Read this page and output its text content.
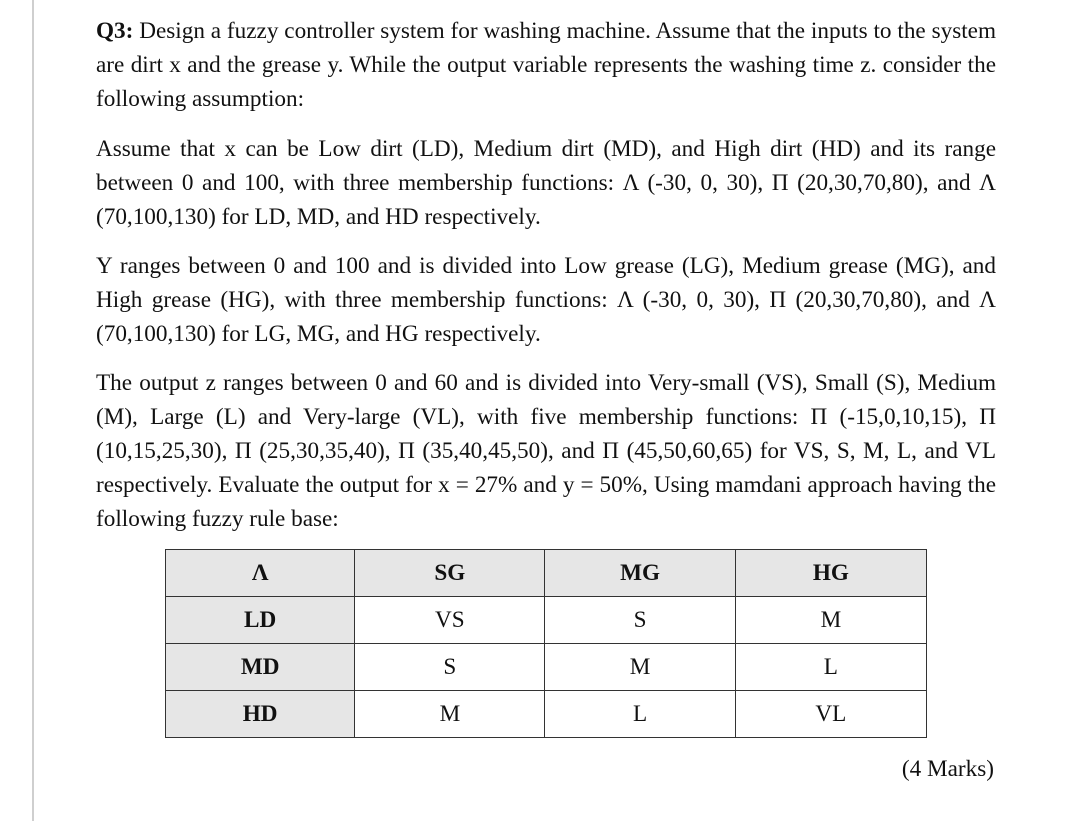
Q3: Design a fuzzy controller system for washing machine. Assume that the inputs to the system are dirt x and the grease y. While the output variable represents the washing time z. consider the following assumption:

Assume that x can be Low dirt (LD), Medium dirt (MD), and High dirt (HD) and its range between 0 and 100, with three membership functions: Λ (-30, 0, 30), Π (20,30,70,80), and Λ (70,100,130) for LD, MD, and HD respectively.

Y ranges between 0 and 100 and is divided into Low grease (LG), Medium grease (MG), and High grease (HG), with three membership functions: Λ (-30, 0, 30), Π (20,30,70,80), and Λ (70,100,130) for LG, MG, and HG respectively.

The output z ranges between 0 and 60 and is divided into Very-small (VS), Small (S), Medium (M), Large (L) and Very-large (VL), with five membership functions: Π (-15,0,10,15), Π (10,15,25,30), Π (25,30,35,40), Π (35,40,45,50), and Π (45,50,60,65) for VS, S, M, L, and VL respectively. Evaluate the output for x = 27% and y = 50%, Using mamdani approach having the following fuzzy rule base:

Λ	SG	MG	HG
LD	VS	S	M
MD	S	M	L
HD	M	L	VL
(4 Marks)
